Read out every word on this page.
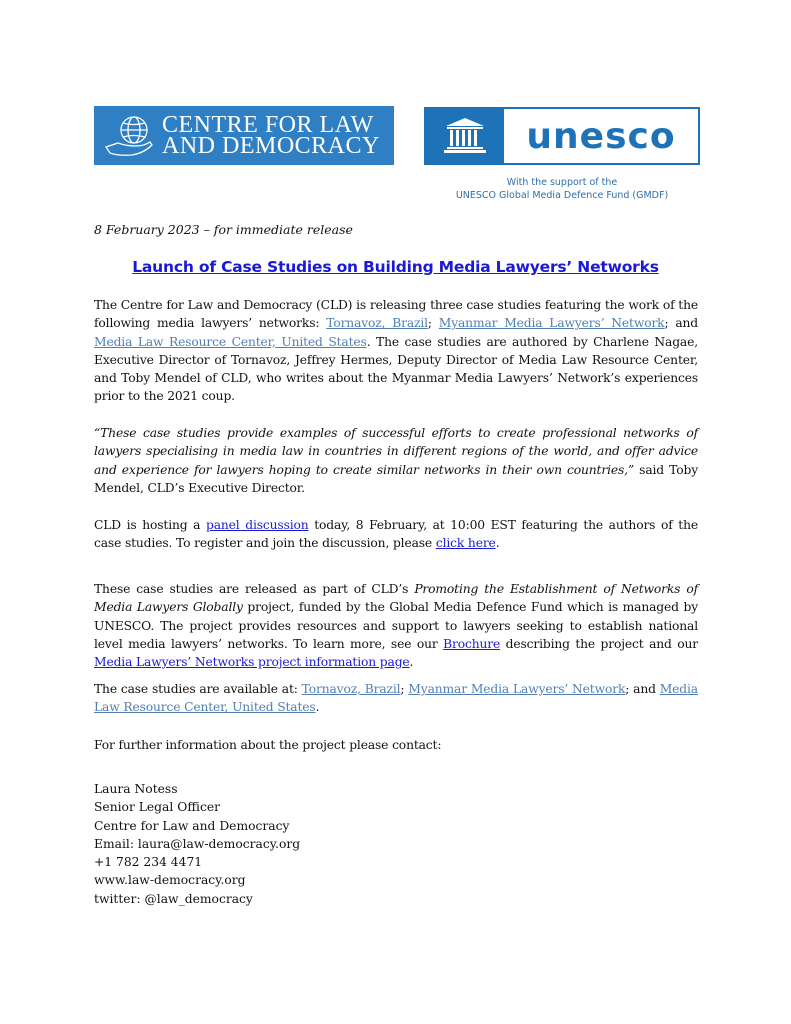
CENTRE FOR LAW
AND DEMOCRACY	unesco
With the support of the
UNESCO Global Media Defence Fund (GMDF)
8 February 2023 – for immediate release
Launch of Case Studies on Building Media Lawyers’ Networks
The Centre for Law and Democracy (CLD) is releasing three case studies featuring the work of the following media lawyers’ networks: Tornavoz, Brazil; Myanmar Media Lawyers’ Network; and Media Law Resource Center, United States. The case studies are authored by Charlene Nagae, Executive Director of Tornavoz, Jeffrey Hermes, Deputy Director of Media Law Resource Center, and Toby Mendel of CLD, who writes about the Myanmar Media Lawyers’ Network’s experiences prior to the 2021 coup.
“These case studies provide examples of successful efforts to create professional networks of lawyers specialising in media law in countries in different regions of the world, and offer advice and experience for lawyers hoping to create similar networks in their own countries,” said Toby Mendel, CLD’s Executive Director.
CLD is hosting a panel discussion today, 8 February, at 10:00 EST featuring the authors of the case studies. To register and join the discussion, please click here.
These case studies are released as part of CLD’s Promoting the Establishment of Networks of Media Lawyers Globally project, funded by the Global Media Defence Fund which is managed by UNESCO. The project provides resources and support to lawyers seeking to establish national level media lawyers’ networks. To learn more, see our Brochure describing the project and our Media Lawyers’ Networks project information page.
The case studies are available at: Tornavoz, Brazil; Myanmar Media Lawyers’ Network; and Media Law Resource Center, United States.
For further information about the project please contact:
Laura Notess
Senior Legal Officer
Centre for Law and Democracy
Email: laura@law-democracy.org
+1 782 234 4471
www.law-democracy.org
twitter: @law_democracy
